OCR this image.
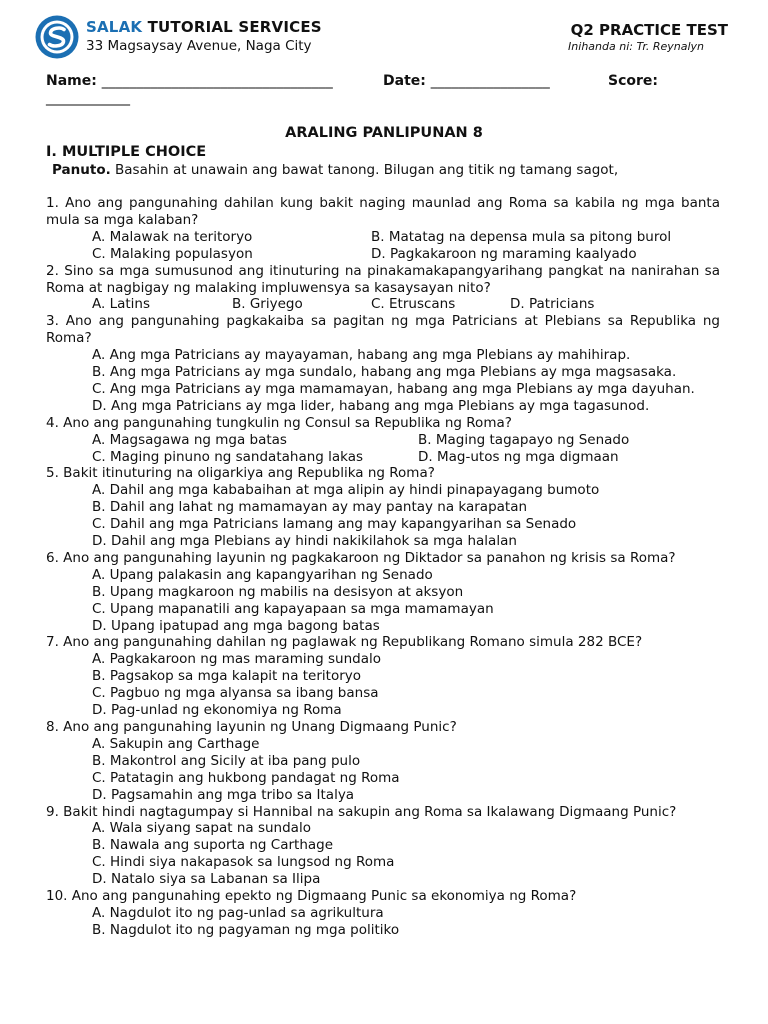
SALAK TUTORIAL SERVICES
33 Magsaysay Avenue, Naga City
Q2 PRACTICE TEST
Inihanda ni: Tr. Reynalyn
Name: _________________________________	Date: _________________	Score:
____________
ARALING PANLIPUNAN 8
I. MULTIPLE CHOICE
Panuto. Basahin at unawain ang bawat tanong. Bilugan ang titik ng tamang sagot,
1. Ano ang pangunahing dahilan kung bakit naging maunlad ang Roma sa kabila ng mga banta mula sa mga kalaban?
A. Malawak na teritoryo	B. Matatag na depensa mula sa pitong burol
C. Malaking populasyon	D. Pagkakaroon ng maraming kaalyado
2. Sino sa mga sumusunod ang itinuturing na pinakamakapangyarihang pangkat na nanirahan sa Roma at nagbigay ng malaking impluwensya sa kasaysayan nito?
A. Latins	B. Griyego	C. Etruscans	D. Patricians
3. Ano ang pangunahing pagkakaiba sa pagitan ng mga Patricians at Plebians sa Republika ng Roma?
A. Ang mga Patricians ay mayayaman, habang ang mga Plebians ay mahihirap.
B. Ang mga Patricians ay mga sundalo, habang ang mga Plebians ay mga magsasaka.
C. Ang mga Patricians ay mga mamamayan, habang ang mga Plebians ay mga dayuhan.
D. Ang mga Patricians ay mga lider, habang ang mga Plebians ay mga tagasunod.
4. Ano ang pangunahing tungkulin ng Consul sa Republika ng Roma?
A. Magsagawa ng mga batas	B. Maging tagapayo ng Senado
C. Maging pinuno ng sandatahang lakas	D. Mag-utos ng mga digmaan
5. Bakit itinuturing na oligarkiya ang Republika ng Roma?
A. Dahil ang mga kababaihan at mga alipin ay hindi pinapayagang bumoto
B. Dahil ang lahat ng mamamayan ay may pantay na karapatan
C. Dahil ang mga Patricians lamang ang may kapangyarihan sa Senado
D. Dahil ang mga Plebians ay hindi nakikilahok sa mga halalan
6. Ano ang pangunahing layunin ng pagkakaroon ng Diktador sa panahon ng krisis sa Roma?
A. Upang palakasin ang kapangyarihan ng Senado
B. Upang magkaroon ng mabilis na desisyon at aksyon
C. Upang mapanatili ang kapayapaan sa mga mamamayan
D. Upang ipatupad ang mga bagong batas
7. Ano ang pangunahing dahilan ng paglawak ng Republikang Romano simula 282 BCE?
A. Pagkakaroon ng mas maraming sundalo
B. Pagsakop sa mga kalapit na teritoryo
C. Pagbuo ng mga alyansa sa ibang bansa
D. Pag-unlad ng ekonomiya ng Roma
8. Ano ang pangunahing layunin ng Unang Digmaang Punic?
A. Sakupin ang Carthage
B. Makontrol ang Sicily at iba pang pulo
C. Patatagin ang hukbong pandagat ng Roma
D. Pagsamahin ang mga tribo sa Italya
9. Bakit hindi nagtagumpay si Hannibal na sakupin ang Roma sa Ikalawang Digmaang Punic?
A. Wala siyang sapat na sundalo
B. Nawala ang suporta ng Carthage
C. Hindi siya nakapasok sa lungsod ng Roma
D. Natalo siya sa Labanan sa Ilipa
10. Ano ang pangunahing epekto ng Digmaang Punic sa ekonomiya ng Roma?
A. Nagdulot ito ng pag-unlad sa agrikultura
B. Nagdulot ito ng pagyaman ng mga politiko
